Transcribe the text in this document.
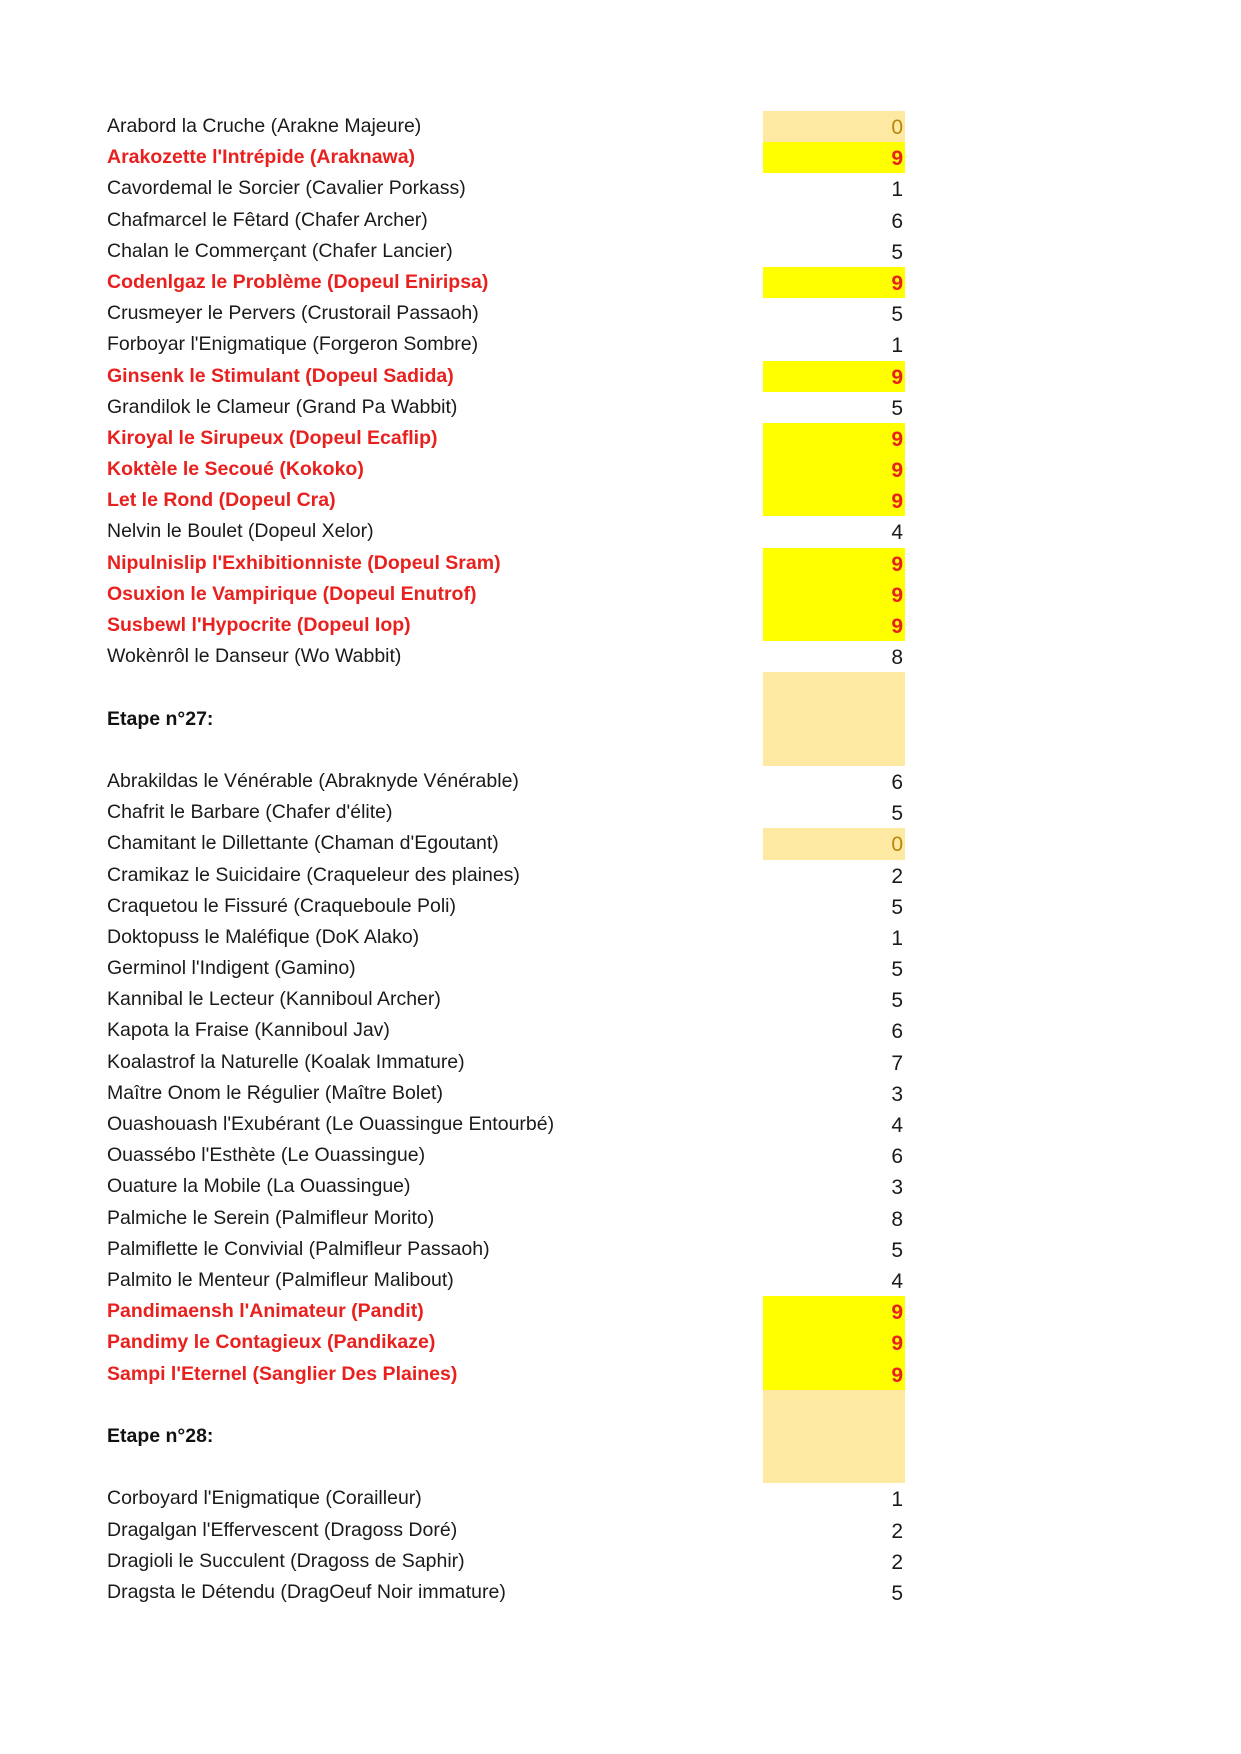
Arabord la Cruche (Arakne Majeure)	0
Arakozette l'Intrépide (Araknawa)	9
Cavordemal le Sorcier (Cavalier Porkass)	1
Chafmarcel le Fêtard (Chafer Archer)	6
Chalan le Commerçant (Chafer Lancier)	5
Codenlgaz le Problème (Dopeul Eniripsa)	9
Crusmeyer le Pervers (Crustorail Passaoh)	5
Forboyar l'Enigmatique (Forgeron Sombre)	1
Ginsenk le Stimulant (Dopeul Sadida)	9
Grandilok le Clameur (Grand Pa Wabbit)	5
Kiroyal le Sirupeux (Dopeul Ecaflip)	9
Koktèle le Secoué (Kokoko)	9
Let le Rond (Dopeul Cra)	9
Nelvin le Boulet (Dopeul Xelor)	4
Nipulnislip l'Exhibitionniste (Dopeul Sram)	9
Osuxion le Vampirique (Dopeul Enutrof)	9
Susbewl l'Hypocrite (Dopeul Iop)	9
Wokènrôl le Danseur (Wo Wabbit)	8
Etape n°27:
Abrakildas le Vénérable (Abraknyde Vénérable)	6
Chafrit le Barbare (Chafer d'élite)	5
Chamitant le Dillettante (Chaman d'Egoutant)	0
Cramikaz le Suicidaire (Craqueleur des plaines)	2
Craquetou le Fissuré (Craqueboule Poli)	5
Doktopuss le Maléfique (DoK Alako)	1
Germinol l'Indigent (Gamino)	5
Kannibal le Lecteur (Kanniboul Archer)	5
Kapota la Fraise (Kanniboul Jav)	6
Koalastrof la Naturelle (Koalak Immature)	7
Maître Onom le Régulier (Maître Bolet)	3
Ouashouash l'Exubérant (Le Ouassingue Entourbé)	4
Ouassébo l'Esthète (Le Ouassingue)	6
Ouature la Mobile (La Ouassingue)	3
Palmiche le Serein (Palmifleur Morito)	8
Palmiflette le Convivial (Palmifleur Passaoh)	5
Palmito le Menteur (Palmifleur Malibout)	4
Pandimaensh l'Animateur (Pandit)	9
Pandimy le Contagieux (Pandikaze)	9
Sampi l'Eternel (Sanglier Des Plaines)	9
Etape n°28:
Corboyard l'Enigmatique (Corailleur)	1
Dragalgan l'Effervescent (Dragoss Doré)	2
Dragioli le Succulent (Dragoss de Saphir)	2
Dragsta le Détendu (DragOeuf Noir immature)	5
